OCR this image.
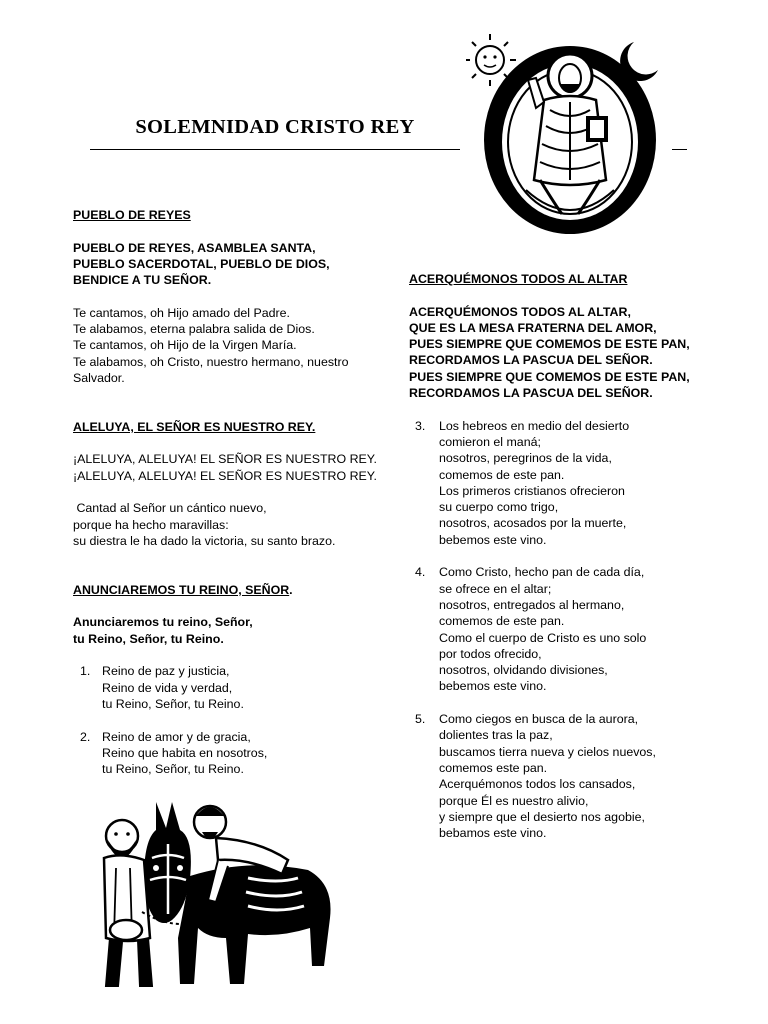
SOLEMNIDAD CRISTO REY
PUEBLO DE REYES
PUEBLO DE REYES, ASAMBLEA SANTA,
PUEBLO SACERDOTAL, PUEBLO DE DIOS,
BENDICE A TU SEÑOR.
Te cantamos, oh Hijo amado del Padre.
Te alabamos, eterna palabra salida de Dios.
Te cantamos, oh Hijo de la Virgen María.
Te alabamos, oh Cristo, nuestro hermano, nuestro
Salvador.
ALELUYA, EL SEÑOR ES NUESTRO REY.
¡ALELUYA, ALELUYA! EL SEÑOR ES NUESTRO REY.
¡ALELUYA, ALELUYA! EL SEÑOR ES NUESTRO REY.
Cantad al Señor un cántico nuevo,
porque ha hecho maravillas:
su diestra le ha dado la victoria, su santo brazo.
ANUNCIAREMOS TU REINO, SEÑOR.
Anunciaremos tu reino, Señor,
tu Reino, Señor, tu Reino.
1. Reino de paz y justicia,
Reino de vida y verdad,
tu Reino, Señor, tu Reino.
2. Reino de amor y de gracia,
Reino que habita en nosotros,
tu Reino, Señor, tu Reino.
ACERQUÉMONOS TODOS AL ALTAR
ACERQUÉMONOS TODOS AL ALTAR,
QUE ES LA MESA FRATERNA DEL AMOR,
PUES SIEMPRE QUE COMEMOS DE ESTE PAN,
RECORDAMOS LA PASCUA DEL SEÑOR.
PUES SIEMPRE QUE COMEMOS DE ESTE PAN,
RECORDAMOS LA PASCUA DEL SEÑOR.
3. Los hebreos en medio del desierto
comieron el maná;
nosotros, peregrinos de la vida,
comemos de este pan.
Los primeros cristianos ofrecieron
su cuerpo como trigo,
nosotros, acosados por la muerte,
bebemos este vino.
4. Como Cristo, hecho pan de cada día,
se ofrece en el altar;
nosotros, entregados al hermano,
comemos de este pan.
Como el cuerpo de Cristo es uno solo
por todos ofrecido,
nosotros, olvidando divisiones,
bebemos este vino.
5. Como ciegos en busca de la aurora,
dolientes tras la paz,
buscamos tierra nueva y cielos nuevos,
comemos este pan.
Acerquémonos todos los cansados,
porque Él es nuestro alivio,
y siempre que el desierto nos agobie,
bebamos este vino.
